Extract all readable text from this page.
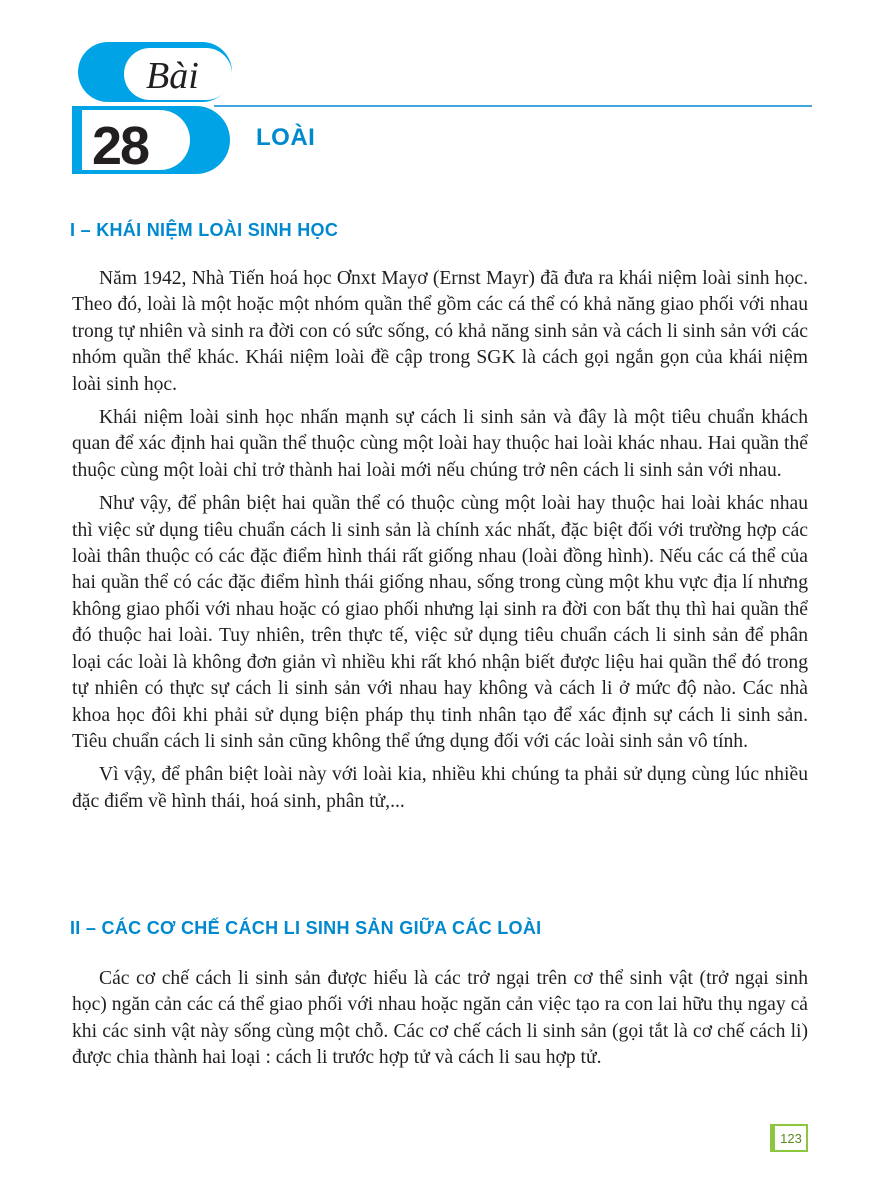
Bài
28	LOÀI
I – KHÁI NIỆM LOÀI SINH HỌC

Năm 1942, Nhà Tiến hoá học Ơnxt Mayơ (Ernst Mayr) đã đưa ra khái niệm loài sinh học. Theo đó, loài là một hoặc một nhóm quần thể gồm các cá thể có khả năng giao phối với nhau trong tự nhiên và sinh ra đời con có sức sống, có khả năng sinh sản và cách li sinh sản với các nhóm quần thể khác. Khái niệm loài đề cập trong SGK là cách gọi ngắn gọn của khái niệm loài sinh học.

Khái niệm loài sinh học nhấn mạnh sự cách li sinh sản và đây là một tiêu chuẩn khách quan để xác định hai quần thể thuộc cùng một loài hay thuộc hai loài khác nhau. Hai quần thể thuộc cùng một loài chỉ trở thành hai loài mới nếu chúng trở nên cách li sinh sản với nhau.

Như vậy, để phân biệt hai quần thể có thuộc cùng một loài hay thuộc hai loài khác nhau thì việc sử dụng tiêu chuẩn cách li sinh sản là chính xác nhất, đặc biệt đối với trường hợp các loài thân thuộc có các đặc điểm hình thái rất giống nhau (loài đồng hình). Nếu các cá thể của hai quần thể có các đặc điểm hình thái giống nhau, sống trong cùng một khu vực địa lí nhưng không giao phối với nhau hoặc có giao phối nhưng lại sinh ra đời con bất thụ thì hai quần thể đó thuộc hai loài. Tuy nhiên, trên thực tế, việc sử dụng tiêu chuẩn cách li sinh sản để phân loại các loài là không đơn giản vì nhiều khi rất khó nhận biết được liệu hai quần thể đó trong tự nhiên có thực sự cách li sinh sản với nhau hay không và cách li ở mức độ nào. Các nhà khoa học đôi khi phải sử dụng biện pháp thụ tinh nhân tạo để xác định sự cách li sinh sản. Tiêu chuẩn cách li sinh sản cũng không thể ứng dụng đối với các loài sinh sản vô tính.

Vì vậy, để phân biệt loài này với loài kia, nhiều khi chúng ta phải sử dụng cùng lúc nhiều đặc điểm về hình thái, hoá sinh, phân tử,...

II – CÁC CƠ CHẾ CÁCH LI SINH SẢN GIỮA CÁC LOÀI

Các cơ chế cách li sinh sản được hiểu là các trở ngại trên cơ thể sinh vật (trở ngại sinh học) ngăn cản các cá thể giao phối với nhau hoặc ngăn cản việc tạo ra con lai hữu thụ ngay cả khi các sinh vật này sống cùng một chỗ. Các cơ chế cách li sinh sản (gọi tắt là cơ chế cách li) được chia thành hai loại : cách li trước hợp tử và cách li sau hợp tử.

123
